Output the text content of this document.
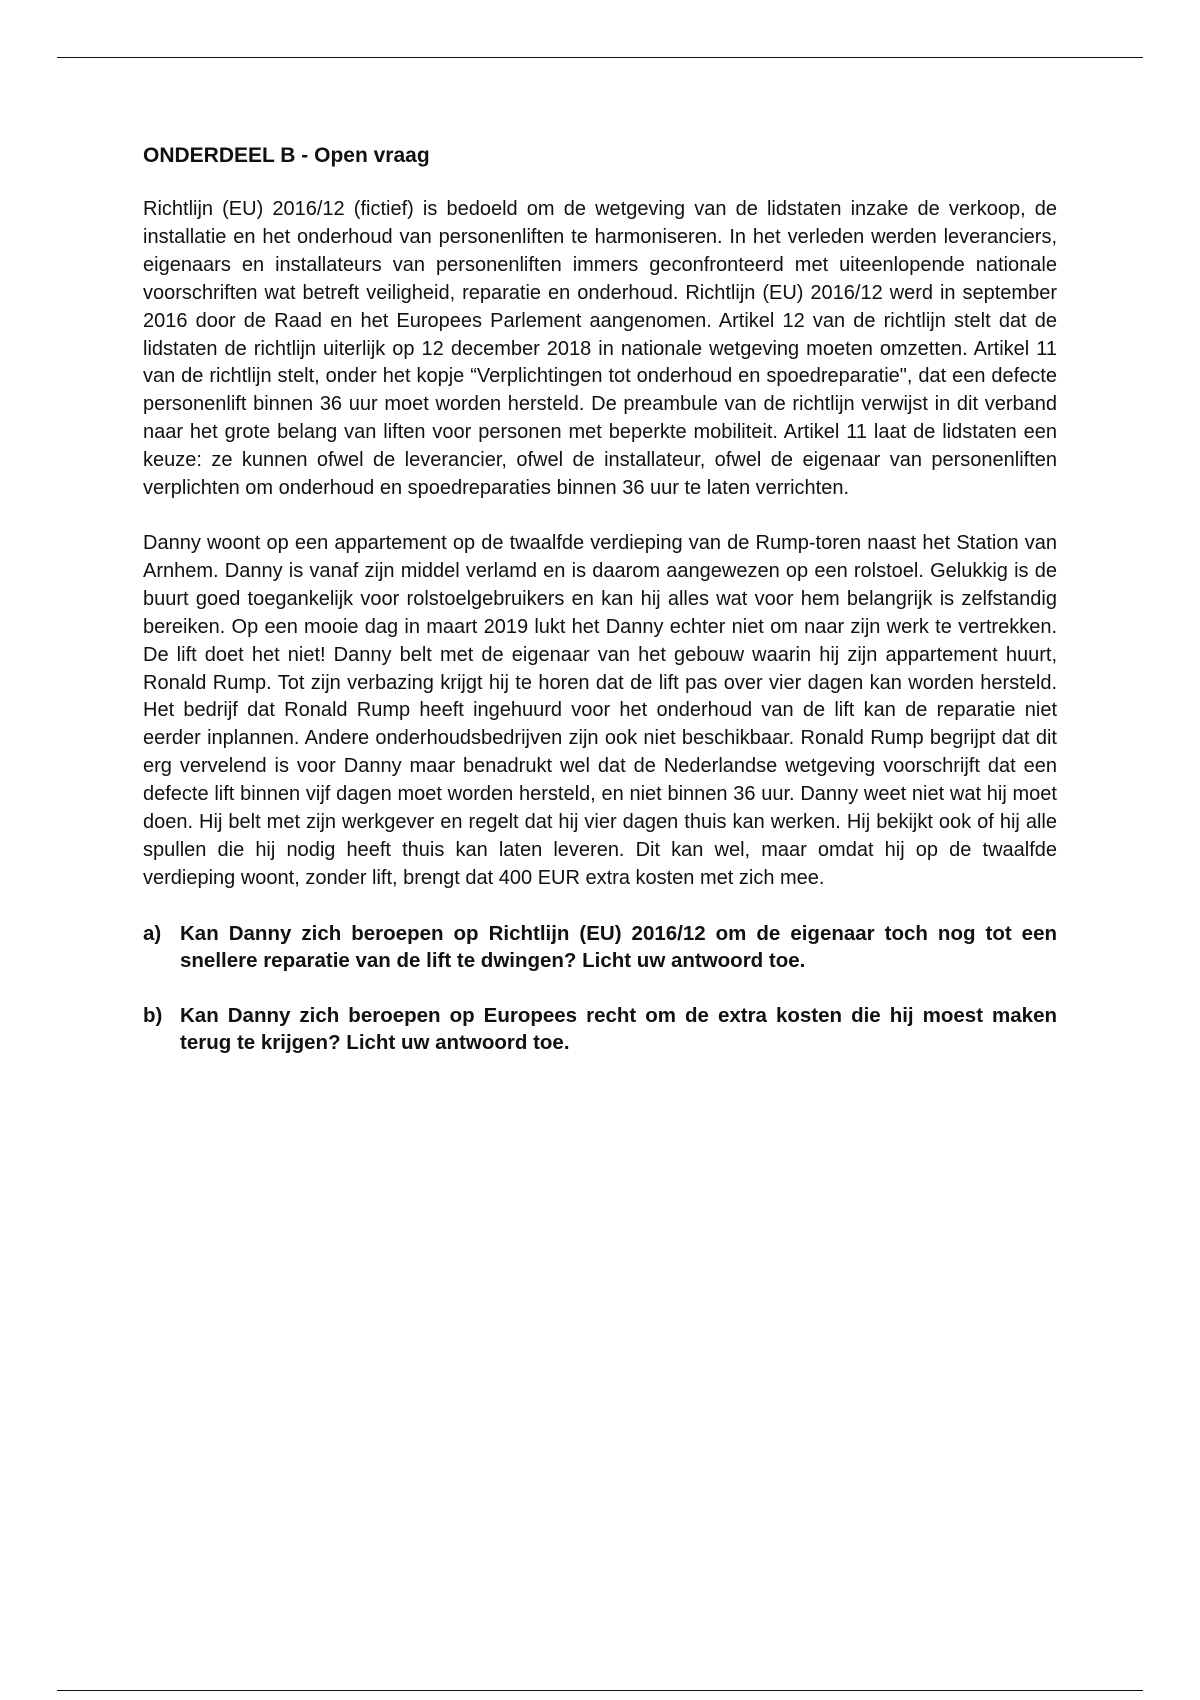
ONDERDEEL B - Open vraag

Richtlijn (EU) 2016/12 (fictief) is bedoeld om de wetgeving van de lidstaten inzake de verkoop, de installatie en het onderhoud van personenliften te harmoniseren. In het verleden werden leveranciers, eigenaars en installateurs van personenliften immers geconfronteerd met uiteenlopende nationale voorschriften wat betreft veiligheid, reparatie en onderhoud. Richtlijn (EU) 2016/12 werd in september 2016 door de Raad en het Europees Parlement aangenomen. Artikel 12 van de richtlijn stelt dat de lidstaten de richtlijn uiterlijk op 12 december 2018 in nationale wetgeving moeten omzetten. Artikel 11 van de richtlijn stelt, onder het kopje “Verplichtingen tot onderhoud en spoedreparatie", dat een defecte personenlift binnen 36 uur moet worden hersteld. De preambule van de richtlijn verwijst in dit verband naar het grote belang van liften voor personen met beperkte mobiliteit. Artikel 11 laat de lidstaten een keuze: ze kunnen ofwel de leverancier, ofwel de installateur, ofwel de eigenaar van personenliften verplichten om onderhoud en spoedreparaties binnen 36 uur te laten verrichten.

Danny woont op een appartement op de twaalfde verdieping van de Rump-toren naast het Station van Arnhem. Danny is vanaf zijn middel verlamd en is daarom aangewezen op een rolstoel. Gelukkig is de buurt goed toegankelijk voor rolstoelgebruikers en kan hij alles wat voor hem belangrijk is zelfstandig bereiken. Op een mooie dag in maart 2019 lukt het Danny echter niet om naar zijn werk te vertrekken. De lift doet het niet! Danny belt met de eigenaar van het gebouw waarin hij zijn appartement huurt, Ronald Rump. Tot zijn verbazing krijgt hij te horen dat de lift pas over vier dagen kan worden hersteld. Het bedrijf dat Ronald Rump heeft ingehuurd voor het onderhoud van de lift kan de reparatie niet eerder inplannen. Andere onderhoudsbedrijven zijn ook niet beschikbaar. Ronald Rump begrijpt dat dit erg vervelend is voor Danny maar benadrukt wel dat de Nederlandse wetgeving voorschrijft dat een defecte lift binnen vijf dagen moet worden hersteld, en niet binnen 36 uur. Danny weet niet wat hij moet doen. Hij belt met zijn werkgever en regelt dat hij vier dagen thuis kan werken. Hij bekijkt ook of hij alle spullen die hij nodig heeft thuis kan laten leveren. Dit kan wel, maar omdat hij op de twaalfde verdieping woont, zonder lift, brengt dat 400 EUR extra kosten met zich mee.

a) Kan Danny zich beroepen op Richtlijn (EU) 2016/12 om de eigenaar toch nog tot een snellere reparatie van de lift te dwingen? Licht uw antwoord toe.
b) Kan Danny zich beroepen op Europees recht om de extra kosten die hij moest maken terug te krijgen? Licht uw antwoord toe.
